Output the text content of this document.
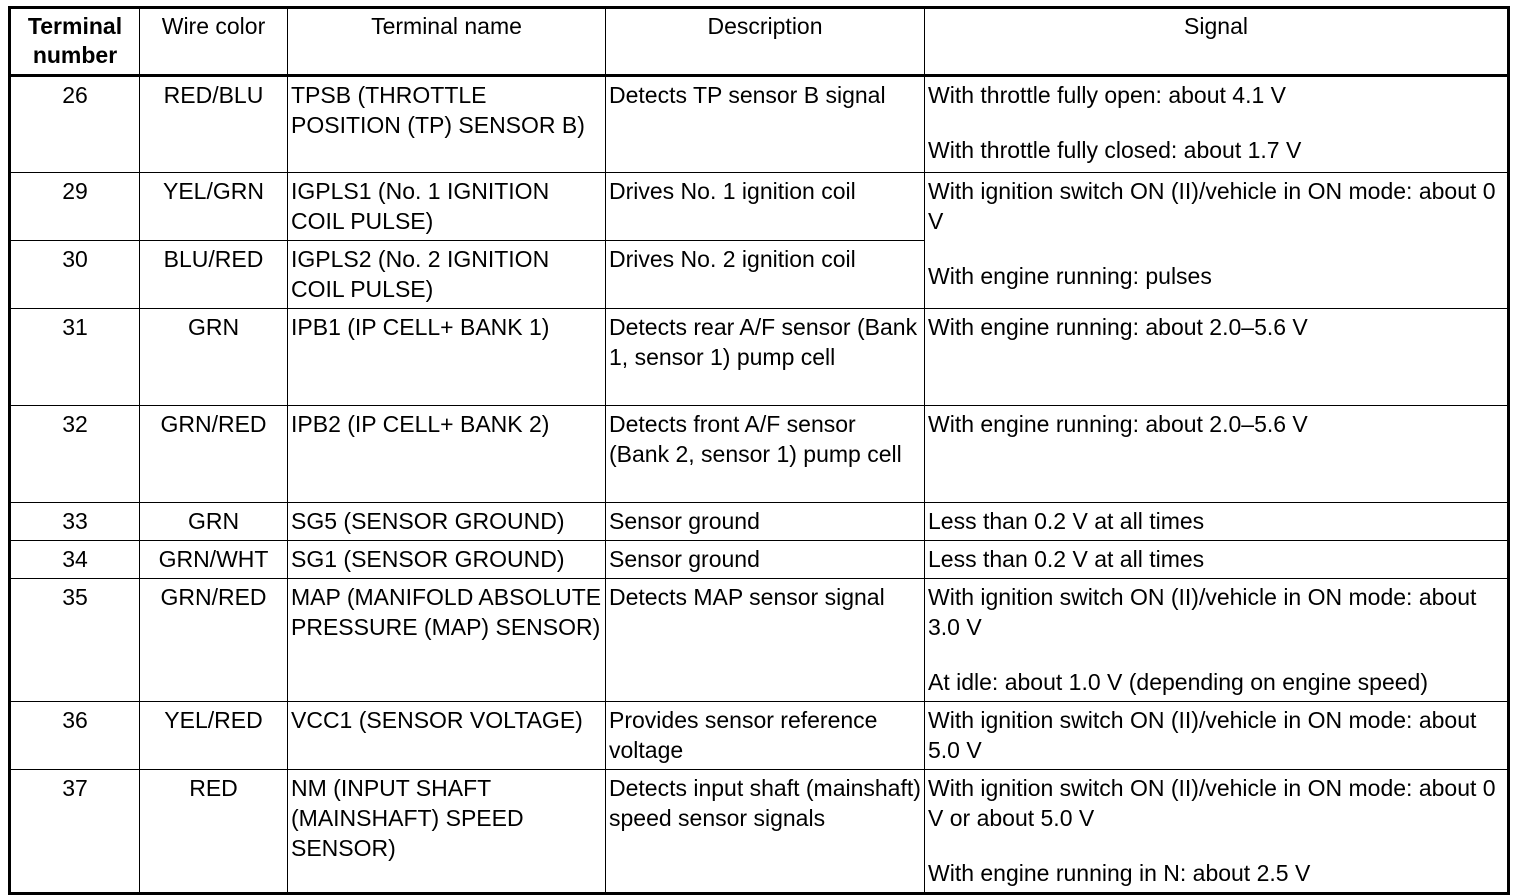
Terminal number	Wire color	Terminal name	Description	Signal
26	RED/BLU	TPSB (THROTTLE POSITION (TP) SENSOR B)	Detects TP sensor B signal	With throttle fully open: about 4.1 V
With throttle fully closed: about 1.7 V

29	YEL/GRN	IGPLS1 (No. 1 IGNITION COIL PULSE)	Drives No. 1 ignition coil	With ignition switch ON (II)/vehicle in ON mode: about 0 V
With engine running: pulses

30	BLU/RED	IGPLS2 (No. 2 IGNITION COIL PULSE)	Drives No. 2 ignition coil	
31	GRN	IPB1 (IP CELL+ BANK 1)	Detects rear A/F sensor (Bank 1, sensor 1) pump cell	With engine running: about 2.0–5.6 V

32	GRN/RED	IPB2 (IP CELL+ BANK 2)	Detects front A/F sensor (Bank 2, sensor 1) pump cell	With engine running: about 2.0–5.6 V

33	GRN	SG5 (SENSOR GROUND)	Sensor ground	Less than 0.2 V at all times

34	GRN/WHT	SG1 (SENSOR GROUND)	Sensor ground	Less than 0.2 V at all times

35	GRN/RED	MAP (MANIFOLD ABSOLUTE PRESSURE (MAP) SENSOR)	Detects MAP sensor signal	With ignition switch ON (II)/vehicle in ON mode: about 3.0 V
At idle: about 1.0 V (depending on engine speed)

36	YEL/RED	VCC1 (SENSOR VOLTAGE)	Provides sensor reference voltage	With ignition switch ON (II)/vehicle in ON mode: about 5.0 V

37	RED	NM (INPUT SHAFT (MAINSHAFT) SPEED SENSOR)	Detects input shaft (mainshaft) speed sensor signals	With ignition switch ON (II)/vehicle in ON mode: about 0 V or about 5.0 V
With engine running in N: about 2.5 V
